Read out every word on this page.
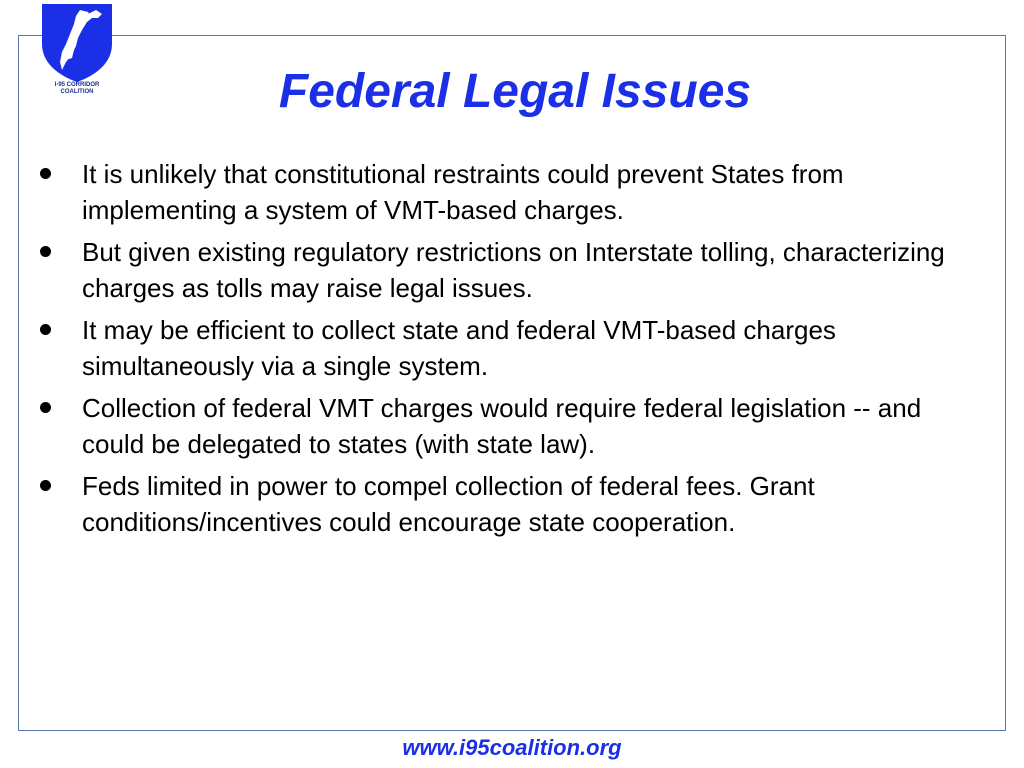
I-95 CORRIDOR
COALITION	Federal Legal Issues
It is unlikely that constitutional restraints could prevent States from implementing a system of VMT-based charges.
But given existing regulatory restrictions on Interstate tolling, characterizing charges as tolls may raise legal issues.
It may be efficient to collect state and federal VMT-based charges simultaneously via a single system.
Collection of federal VMT charges would require federal legislation -- and could be delegated to states (with state law).
Feds limited in power to compel collection of federal fees. Grant conditions/incentives could encourage state cooperation.
www.i95coalition.org
